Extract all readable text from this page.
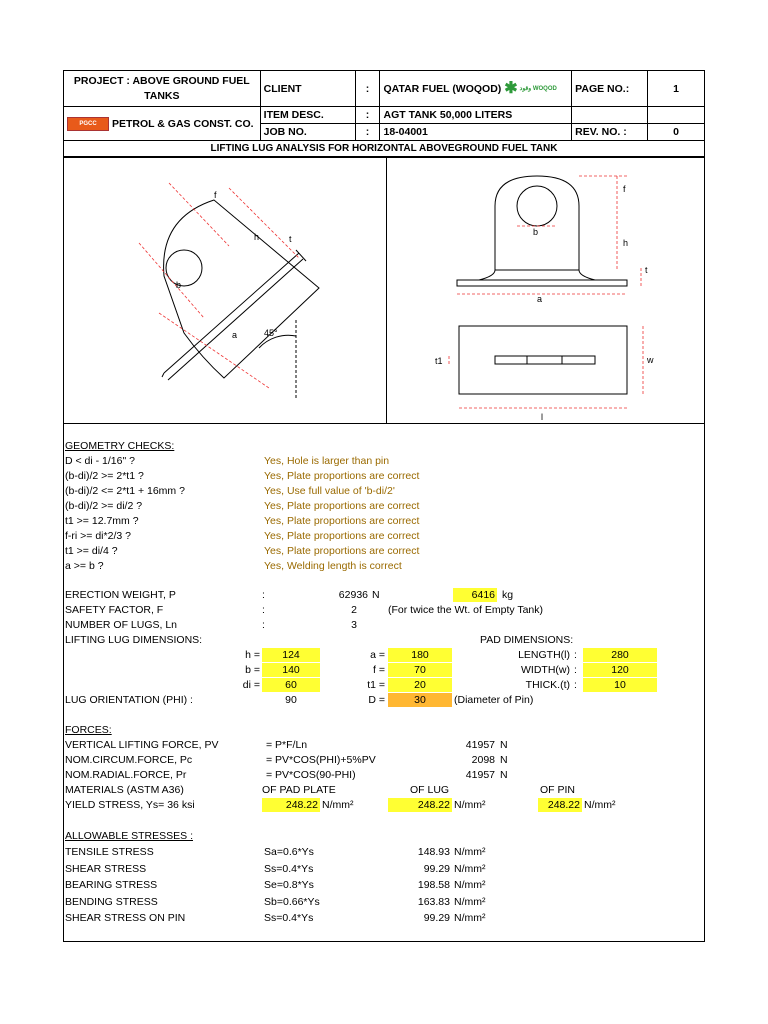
PROJECT : ABOVE GROUND FUEL TANKS	CLIENT	:	QATAR FUEL (WOQOD) ✱ وقود WOQOD	PAGE NO.:	1
PGCC PETROL & GAS CONST. CO.	ITEM DESC.	:	AGT TANK 50,000 LITERS		
	JOB NO.	:	18-04001	REV. NO. :	0
LIFTING LUG ANALYSIS FOR HORIZONTAL ABOVEGROUND FUEL TANK
f
h	t
b
a	45°
f
h
t
b
a
t1	w
l
GEOMETRY CHECKS:
D < di - 1/16" ?	Yes, Hole is larger than pin
(b-di)/2 >= 2*t1 ?	Yes, Plate proportions are correct
(b-di)/2 <= 2*t1 + 16mm ?	Yes, Use full value of 'b-di/2'
(b-di)/2 >= di/2 ?	Yes, Plate proportions are correct
t1 >= 12.7mm ?	Yes, Plate proportions are correct
f-ri >= di*2/3 ?	Yes, Plate proportions are correct
t1 >= di/4 ?	Yes, Plate proportions are correct
a >= b ?	Yes, Welding length is correct
ERECTION WEIGHT, P	:	62936 N	6416 kg
SAFETY FACTOR, F	:	2	(For twice the Wt. of Empty Tank)
NUMBER OF LUGS, Ln	:	3
LIFTING LUG DIMENSIONS:	PAD DIMENSIONS:
h =	124	a =	180	LENGTH(l) :	280
b =	140	f =	70	WIDTH(w) :	120
di =	60	t1 =	20	THICK.(t) :	10
LUG ORIENTATION (PHI) :	90	D =	30	(Diameter of Pin)
FORCES:
VERTICAL LIFTING FORCE, PV	= P*F/Ln	41957 N
NOM.CIRCUM.FORCE, Pc	= PV*COS(PHI)+5%PV	2098 N
NOM.RADIAL.FORCE, Pr	= PV*COS(90-PHI)	41957 N
MATERIALS (ASTM A36)	OF PAD PLATE	OF LUG	OF PIN
YIELD STRESS, Ys= 36 ksi	248.22 N/mm²	248.22 N/mm²	248.22 N/mm²
ALLOWABLE STRESSES :
TENSILE STRESS	Sa=0.6*Ys	148.93 N/mm²
SHEAR STRESS	Ss=0.4*Ys	99.29 N/mm²
BEARING STRESS	Se=0.8*Ys	198.58 N/mm²
BENDING STRESS	Sb=0.66*Ys	163.83 N/mm²
SHEAR STRESS ON PIN	Ss=0.4*Ys	99.29 N/mm²
